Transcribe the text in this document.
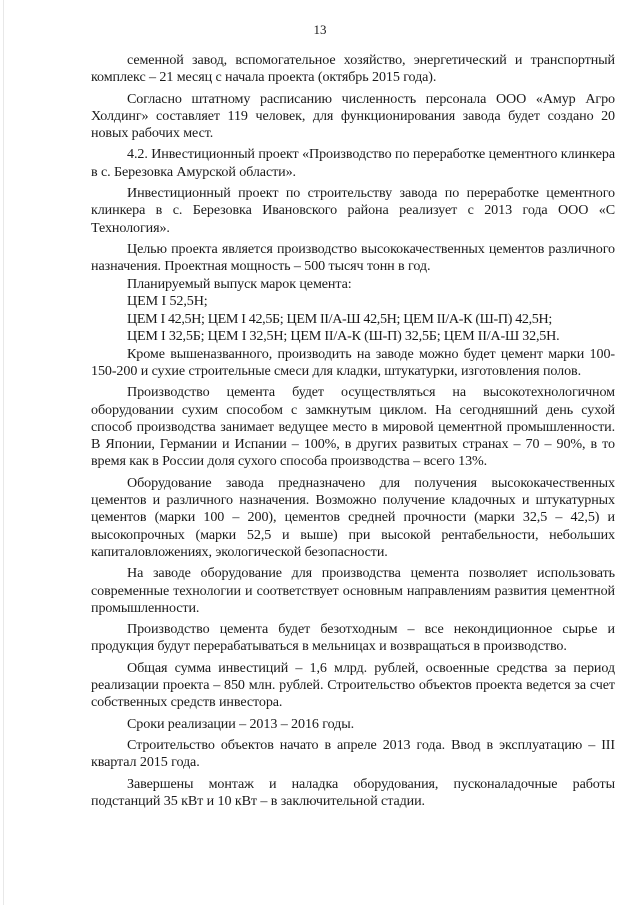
13

семенной завод, вспомогательное хозяйство, энергетический и транспортный комплекс – 21 месяц с начала проекта (октябрь 2015 года).

Согласно штатному расписанию численность персонала ООО «Амур Агро Холдинг» составляет 119 человек, для функционирования завода будет создано 20 новых рабочих мест.

4.2. Инвестиционный проект «Производство по переработке цементного клинкера в с. Березовка Амурской области».

Инвестиционный проект по строительству завода по переработке цементного клинкера в с. Березовка Ивановского района реализует с 2013 года ООО «С Технология».

Целью проекта является производство высококачественных цементов различного назначения. Проектная мощность – 500 тысяч тонн в год.

Планируемый выпуск марок цемента:

ЦЕМ I 52,5Н;

ЦЕМ I 42,5Н; ЦЕМ I 42,5Б; ЦЕМ II/А-Ш 42,5Н; ЦЕМ II/А-К (Ш-П) 42,5Н;

ЦЕМ I 32,5Б; ЦЕМ I 32,5Н; ЦЕМ II/А-К (Ш-П) 32,5Б; ЦЕМ II/А-Ш 32,5Н.

Кроме вышеназванного, производить на заводе можно будет цемент марки 100-150-200 и сухие строительные смеси для кладки, штукатурки, изготовления полов.

Производство цемента будет осуществляться на высокотехнологичном оборудовании сухим способом с замкнутым циклом. На сегодняшний день сухой способ производства занимает ведущее место в мировой цементной промышленности. В Японии, Германии и Испании – 100%, в других развитых странах – 70 – 90%, в то время как в России доля сухого способа производства – всего 13%.

Оборудование завода предназначено для получения высококачественных цементов и различного назначения. Возможно получение кладочных и штукатурных цементов (марки 100 – 200), цементов средней прочности (марки 32,5 – 42,5) и высокопрочных (марки 52,5 и выше) при высокой рентабельности, небольших капиталовложениях, экологической безопасности.

На заводе оборудование для производства цемента позволяет использовать современные технологии и соответствует основным направлениям развития цементной промышленности.

Производство цемента будет безотходным – все некондиционное сырье и продукция будут перерабатываться в мельницах и возвращаться в производство.

Общая сумма инвестиций – 1,6 млрд. рублей, освоенные средства за период реализации проекта – 850 млн. рублей. Строительство объектов проекта ведется за счет собственных средств инвестора.

Сроки реализации – 2013 – 2016 годы.

Строительство объектов начато в апреле 2013 года. Ввод в эксплуатацию – III квартал 2015 года.

Завершены монтаж и наладка оборудования, пусконаладочные работы подстанций 35 кВт и 10 кВт – в заключительной стадии.
